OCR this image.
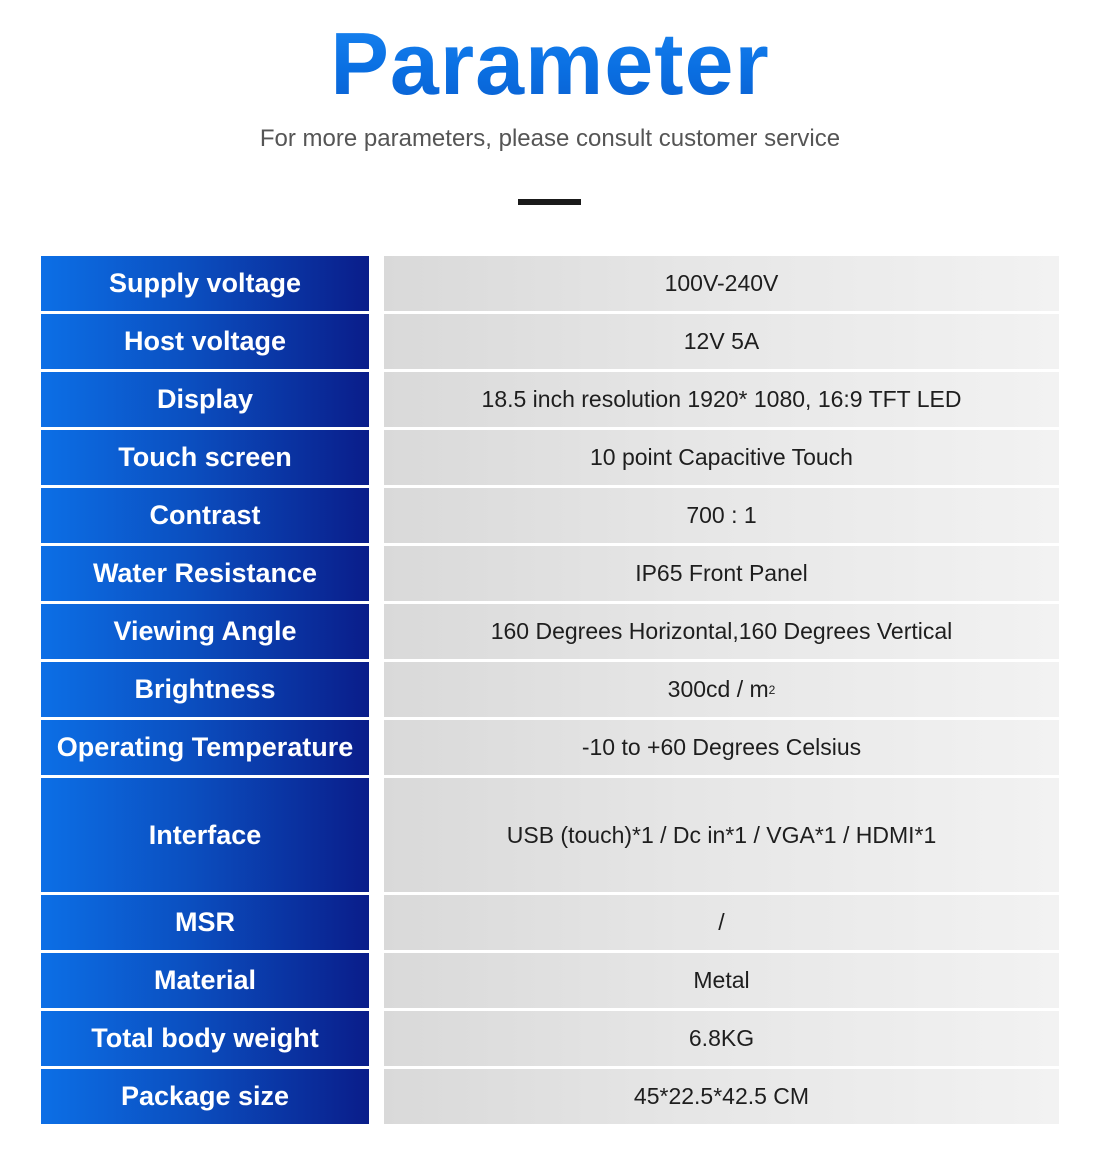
Parameter
For more parameters, please consult customer service
Supply voltage	100V-240V
Host voltage	12V 5A
Display	18.5 inch resolution 1920* 1080, 16:9 TFT LED
Touch screen	10 point Capacitive Touch
Contrast	700 : 1
Water Resistance	IP65 Front Panel
Viewing Angle	160 Degrees Horizontal,160 Degrees Vertical
Brightness	300cd / m 2
Operating Temperature	-10 to +60 Degrees Celsius
Interface	USB (touch)*1 / Dc in*1 / VGA*1 / HDMI*1
MSR	/
Material	Metal
Total body weight	6.8KG
Package size	45*22.5*42.5 CM
